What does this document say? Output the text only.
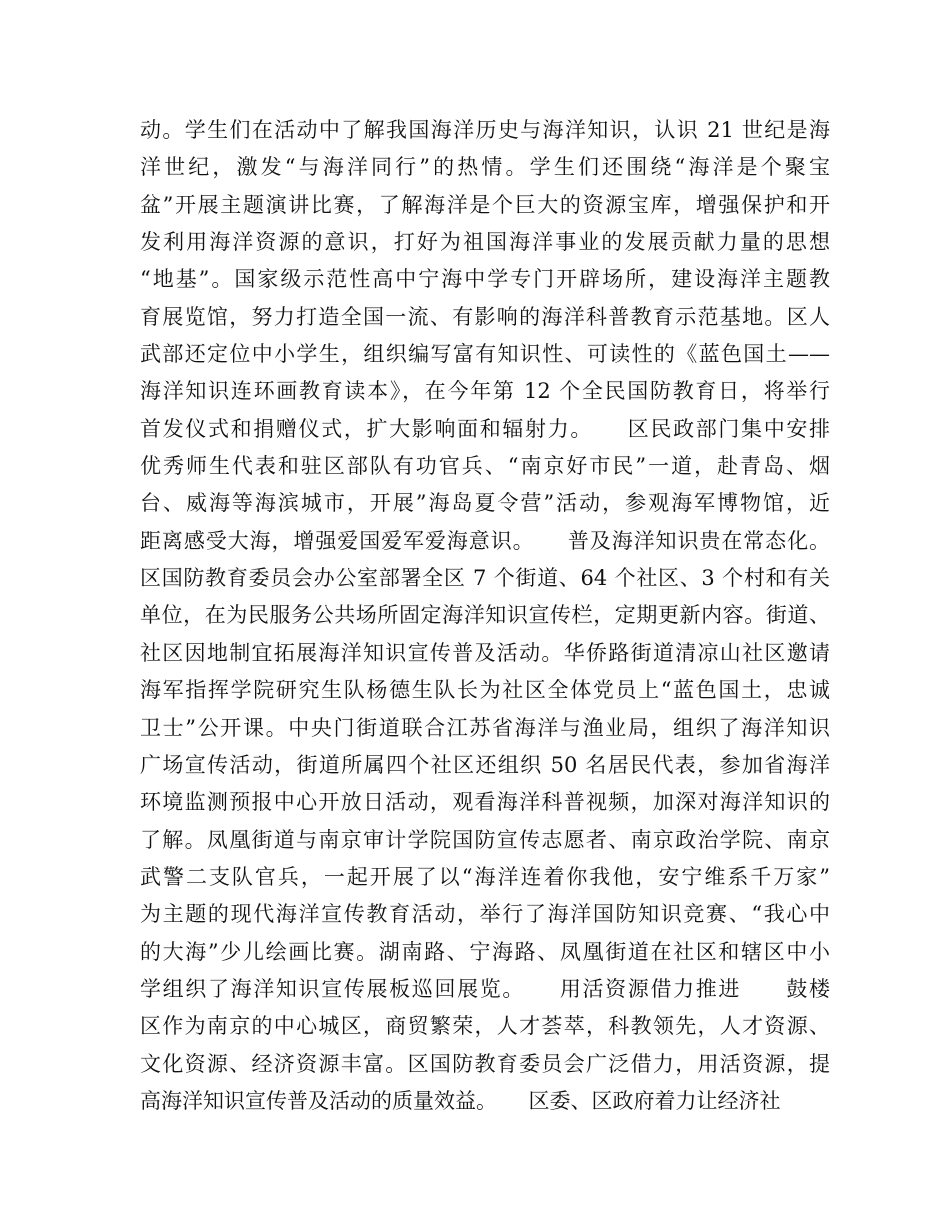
动。学生们在活动中了解我国海洋历史与海洋知识，认识 21 世纪是海
洋世纪，激发“与海洋同行”的热情。学生们还围绕“海洋是个聚宝
盆”开展主题演讲比赛，了解海洋是个巨大的资源宝库，增强保护和开
发利用海洋资源的意识，打好为祖国海洋事业的发展贡献力量的思想
“地基”。国家级示范性高中宁海中学专门开辟场所，建设海洋主题教
育展览馆，努力打造全国一流、有影响的海洋科普教育示范基地。区人
武部还定位中小学生，组织编写富有知识性、可读性的《蓝色国土——
海洋知识连环画教育读本》，在今年第 12 个全民国防教育日，将举行
首发仪式和捐赠仪式，扩大影响面和辐射力。　　区民政部门集中安排
优秀师生代表和驻区部队有功官兵、“南京好市民”一道，赴青岛、烟
台、威海等海滨城市，开展”海岛夏令营”活动，参观海军博物馆，近
距离感受大海，增强爱国爱军爱海意识。　　普及海洋知识贵在常态化。
区国防教育委员会办公室部署全区 7 个街道、64 个社区、3 个村和有关
单位，在为民服务公共场所固定海洋知识宣传栏，定期更新内容。街道、
社区因地制宜拓展海洋知识宣传普及活动。华侨路街道清凉山社区邀请
海军指挥学院研究生队杨德生队长为社区全体党员上“蓝色国土，忠诚
卫士”公开课。中央门街道联合江苏省海洋与渔业局，组织了海洋知识
广场宣传活动，街道所属四个社区还组织 50 名居民代表，参加省海洋
环境监测预报中心开放日活动，观看海洋科普视频，加深对海洋知识的
了解。凤凰街道与南京审计学院国防宣传志愿者、南京政治学院、南京
武警二支队官兵，一起开展了以“海洋连着你我他，安宁维系千万家”
为主题的现代海洋宣传教育活动，举行了海洋国防知识竞赛、“我心中
的大海”少儿绘画比赛。湖南路、宁海路、凤凰街道在社区和辖区中小
学组织了海洋知识宣传展板巡回展览。　　用活资源借力推进　　鼓楼
区作为南京的中心城区，商贸繁荣，人才荟萃，科教领先，人才资源、
文化资源、经济资源丰富。区国防教育委员会广泛借力，用活资源，提
高海洋知识宣传普及活动的质量效益。　　区委、区政府着力让经济社
